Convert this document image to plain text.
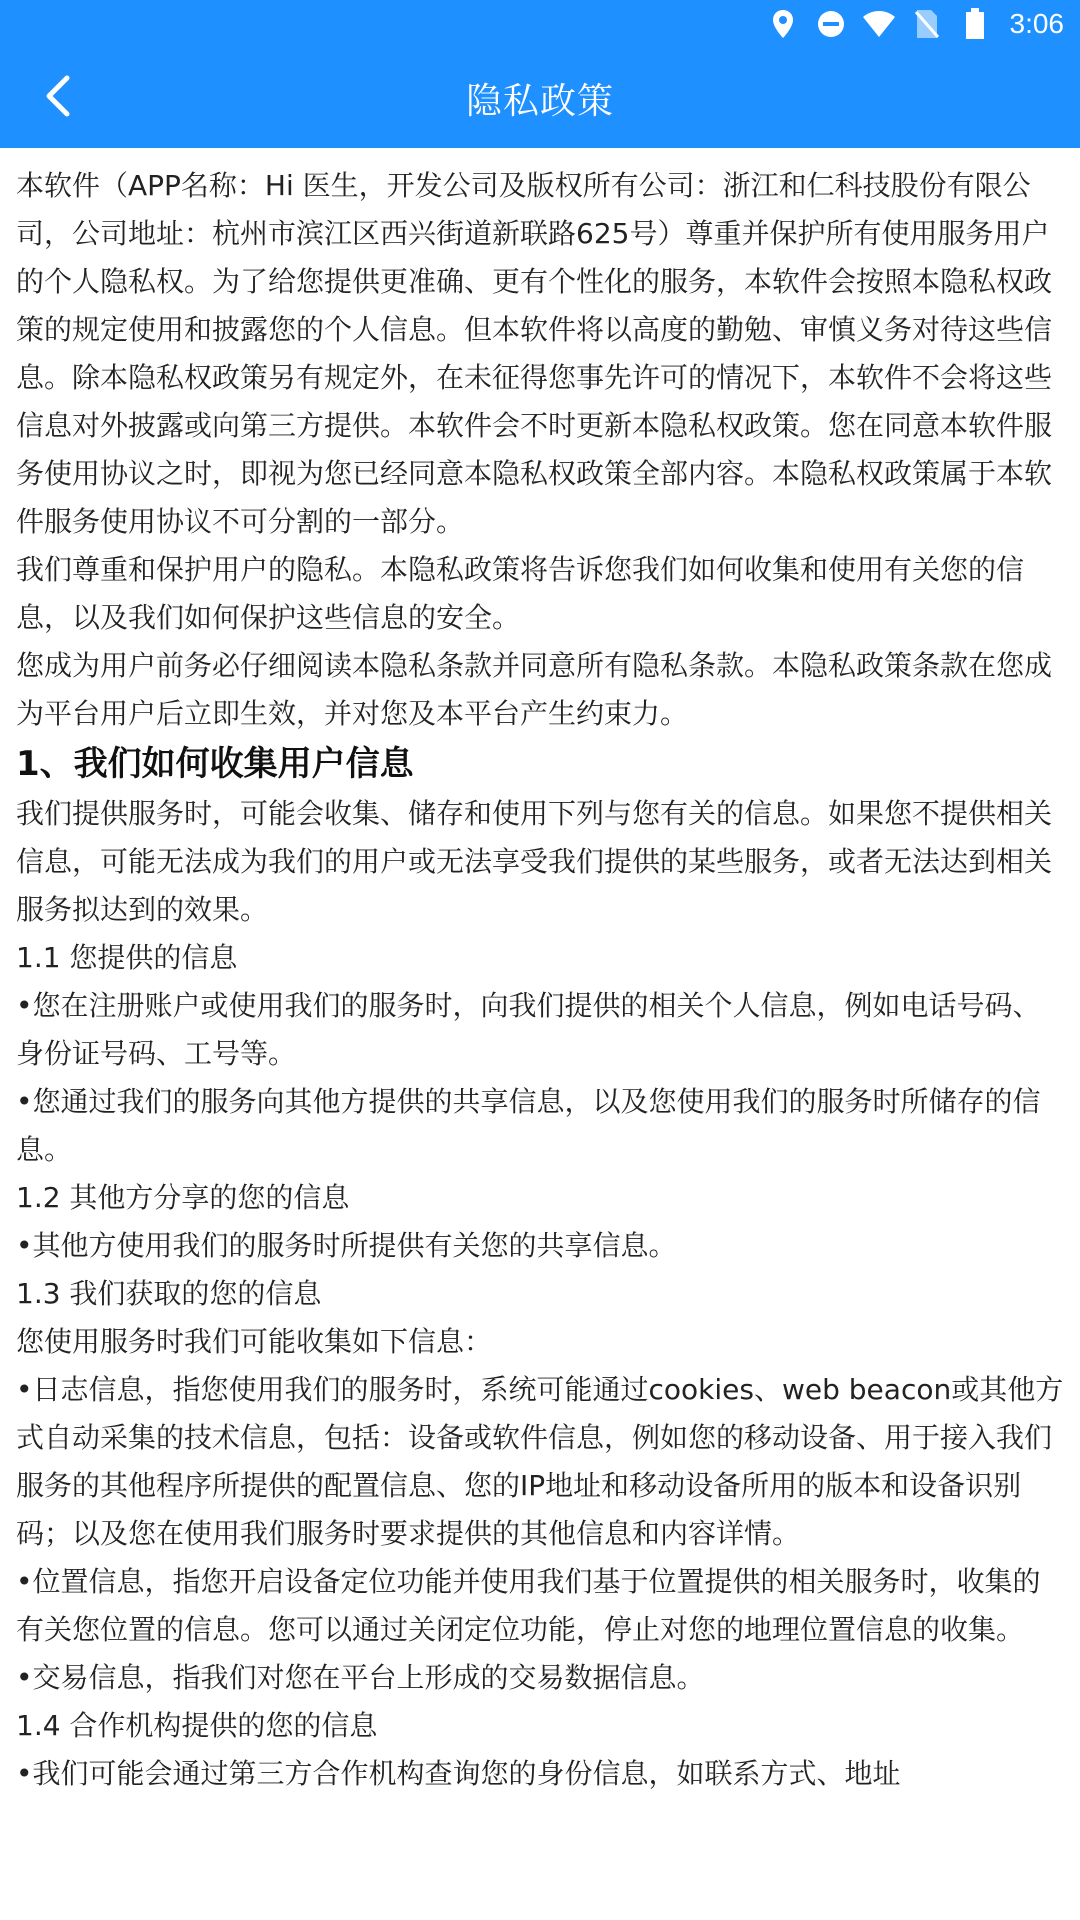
3:06
隐私政策

本软件（APP名称：Hi 医生，开发公司及版权所有公司：浙江和仁科技股份有限公司，公司地址：杭州市滨江区西兴街道新联路625号）尊重并保护所有使用服务用户的个人隐私权。为了给您提供更准确、更有个性化的服务，本软件会按照本隐私权政策的规定使用和披露您的个人信息。但本软件将以高度的勤勉、审慎义务对待这些信息。除本隐私权政策另有规定外，在未征得您事先许可的情况下，本软件不会将这些信息对外披露或向第三方提供。本软件会不时更新本隐私权政策。您在同意本软件服务使用协议之时，即视为您已经同意本隐私权政策全部内容。本隐私权政策属于本软件服务使用协议不可分割的一部分。

我们尊重和保护用户的隐私。本隐私政策将告诉您我们如何收集和使用有关您的信息，以及我们如何保护这些信息的安全。

您成为用户前务必仔细阅读本隐私条款并同意所有隐私条款。本隐私政策条款在您成为平台用户后立即生效，并对您及本平台产生约束力。

1、我们如何收集用户信息

我们提供服务时，可能会收集、储存和使用下列与您有关的信息。如果您不提供相关信息，可能无法成为我们的用户或无法享受我们提供的某些服务，或者无法达到相关服务拟达到的效果。

1.1 您提供的信息

•您在注册账户或使用我们的服务时，向我们提供的相关个人信息，例如电话号码、身份证号码、工号等。

•您通过我们的服务向其他方提供的共享信息，以及您使用我们的服务时所储存的信息。

1.2 其他方分享的您的信息

•其他方使用我们的服务时所提供有关您的共享信息。

1.3 我们获取的您的信息

您使用服务时我们可能收集如下信息：

•日志信息，指您使用我们的服务时，系统可能通过cookies、web beacon或其他方式自动采集的技术信息，包括：设备或软件信息，例如您的移动设备、用于接入我们服务的其他程序所提供的配置信息、您的IP地址和移动设备所用的版本和设备识别码；以及您在使用我们服务时要求提供的其他信息和内容详情。

•位置信息，指您开启设备定位功能并使用我们基于位置提供的相关服务时，收集的有关您位置的信息。您可以通过关闭定位功能，停止对您的地理位置信息的收集。

•交易信息，指我们对您在平台上形成的交易数据信息。

1.4 合作机构提供的您的信息

•我们可能会通过第三方合作机构查询您的身份信息，如联系方式、地址
